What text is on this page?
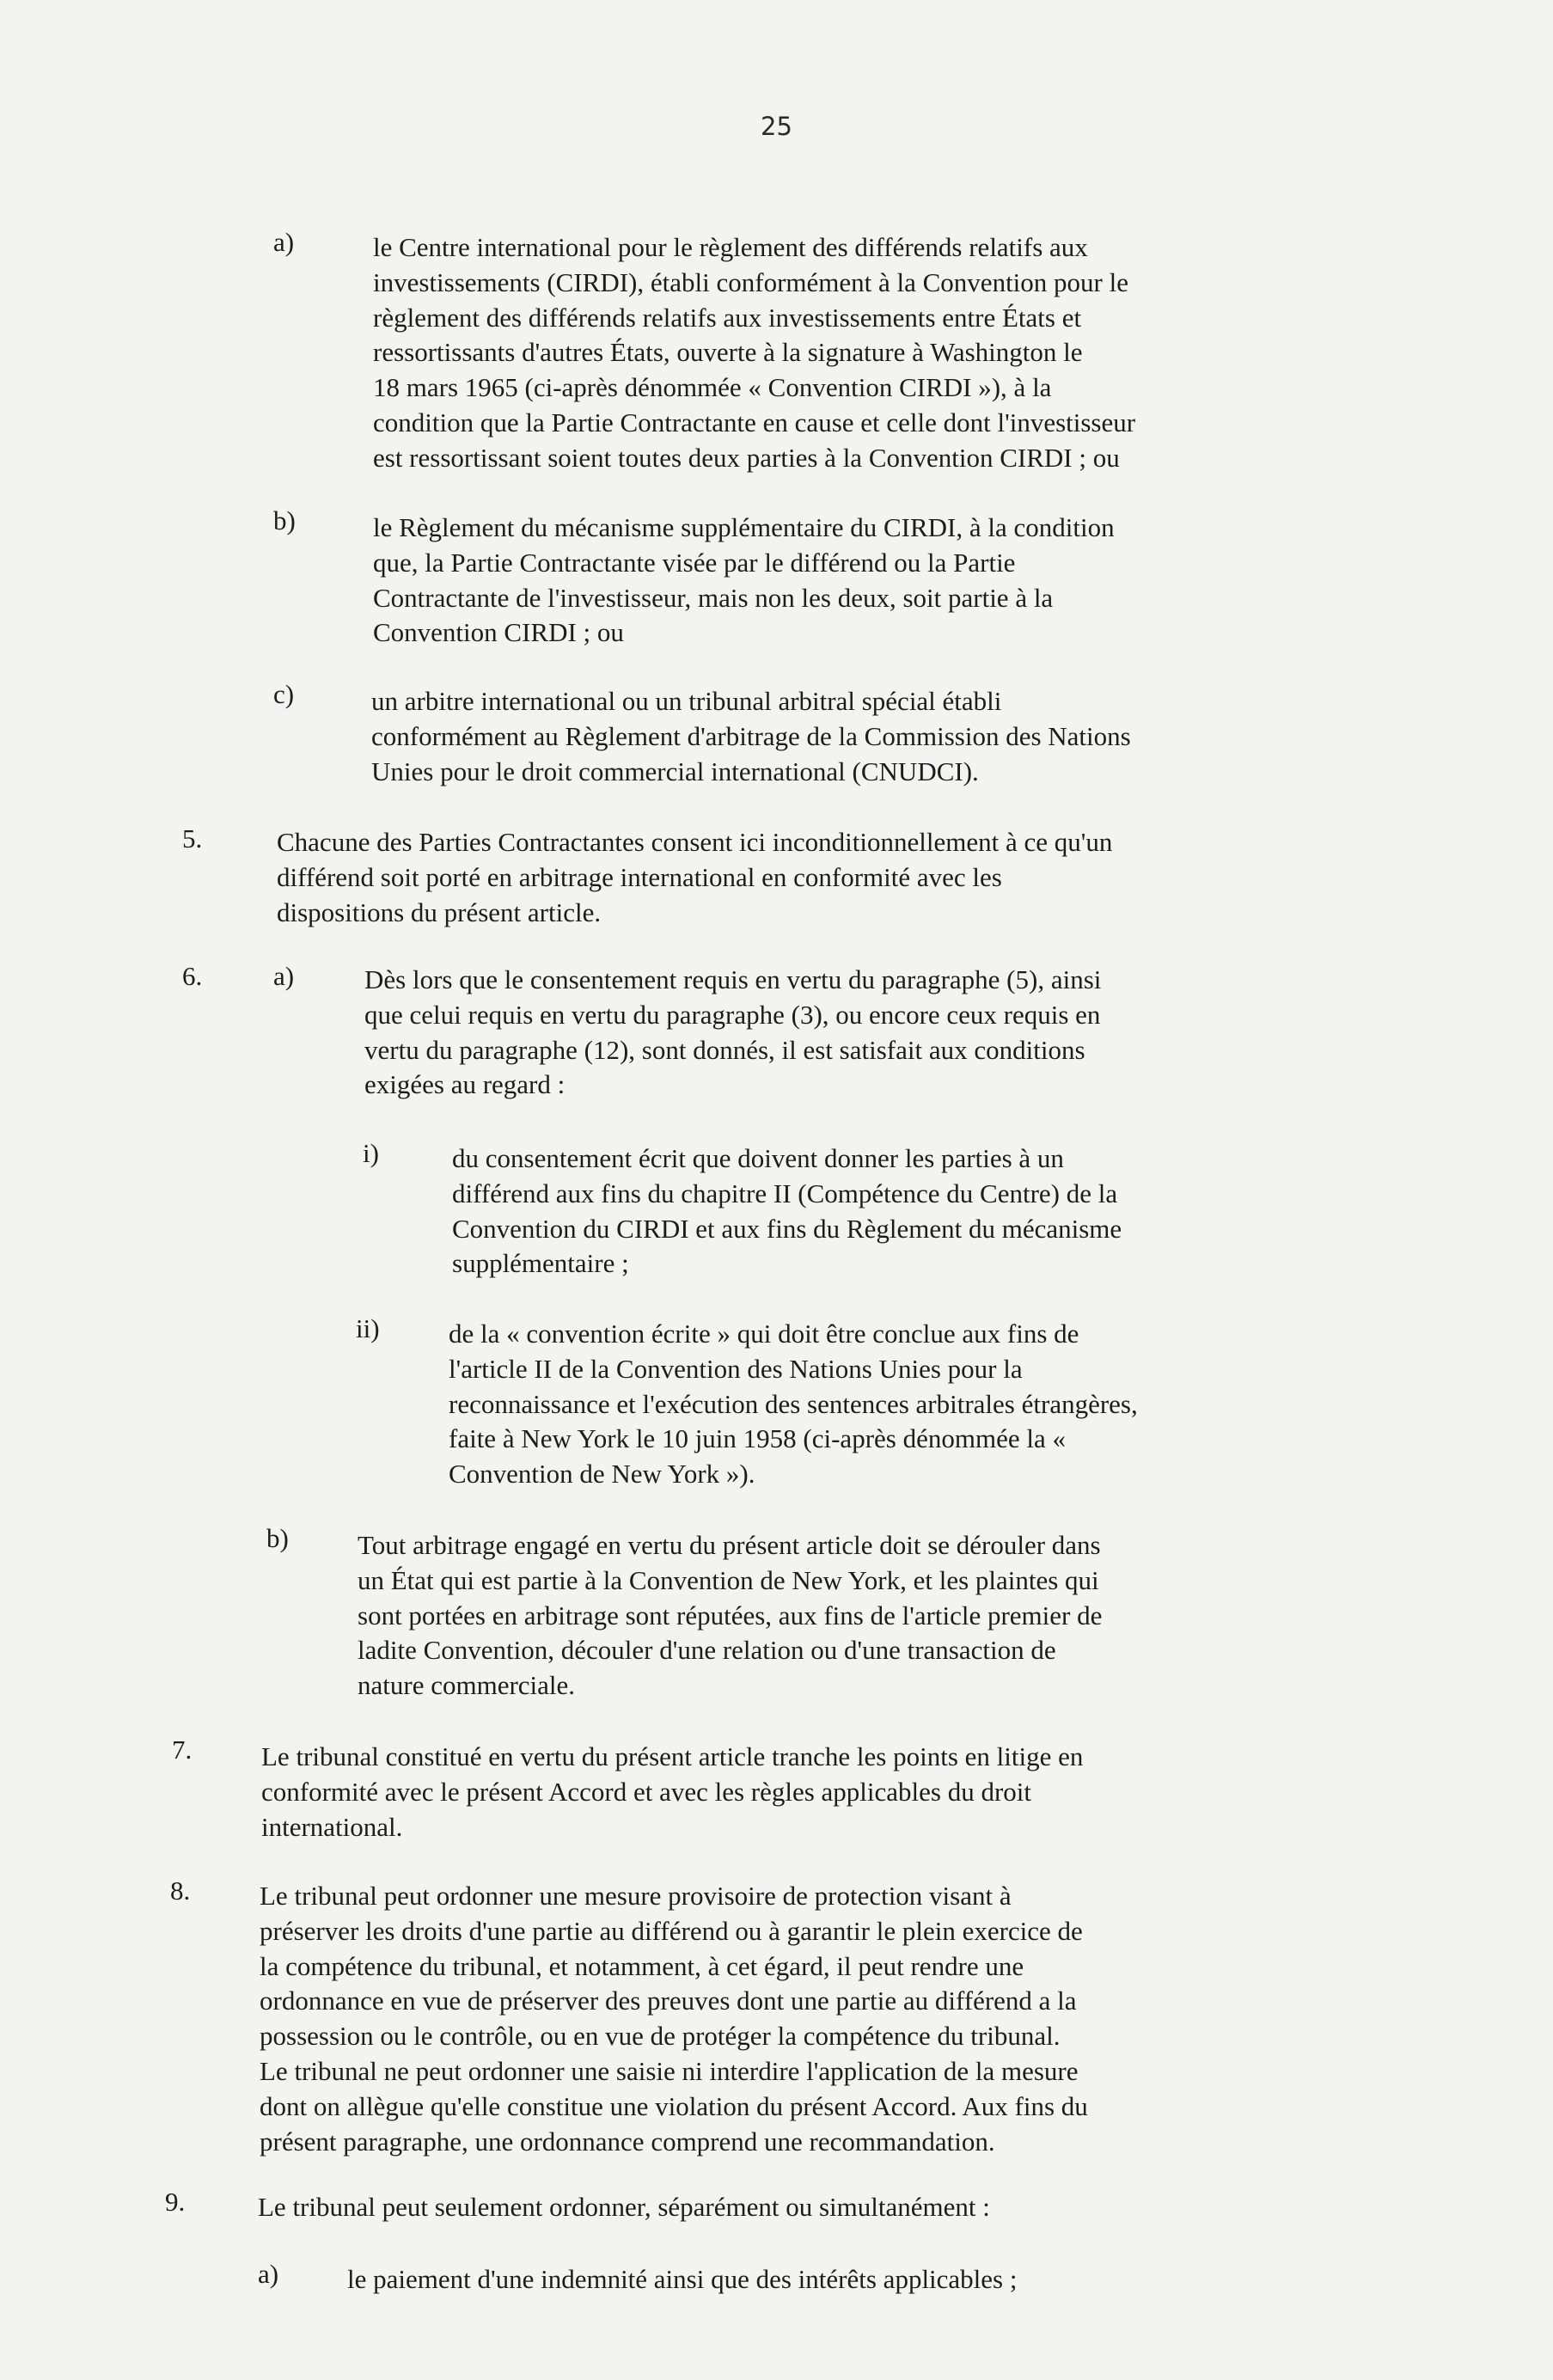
25
a)	le Centre international pour le règlement des différends relatifs aux
investissements (CIRDI), établi conformément à la Convention pour le
règlement des différends relatifs aux investissements entre États et
ressortissants d'autres États, ouverte à la signature à Washington le
18 mars 1965 (ci-après dénommée « Convention CIRDI »), à la
condition que la Partie Contractante en cause et celle dont l'investisseur
est ressortissant soient toutes deux parties à la Convention CIRDI ; ou
b)	le Règlement du mécanisme supplémentaire du CIRDI, à la condition
que, la Partie Contractante visée par le différend ou la Partie
Contractante de l'investisseur, mais non les deux, soit partie à la
Convention CIRDI ; ou
c)	un arbitre international ou un tribunal arbitral spécial établi
conformément au Règlement d'arbitrage de la Commission des Nations
Unies pour le droit commercial international (CNUDCI).
5.	Chacune des Parties Contractantes consent ici inconditionnellement à ce qu'un
différend soit porté en arbitrage international en conformité avec les
dispositions du présent article.
6.	a)	Dès lors que le consentement requis en vertu du paragraphe (5), ainsi
que celui requis en vertu du paragraphe (3), ou encore ceux requis en
vertu du paragraphe (12), sont donnés, il est satisfait aux conditions
exigées au regard :
i)	du consentement écrit que doivent donner les parties à un
différend aux fins du chapitre II (Compétence du Centre) de la
Convention du CIRDI et aux fins du Règlement du mécanisme
supplémentaire ;
ii)	de la « convention écrite » qui doit être conclue aux fins de
l'article II de la Convention des Nations Unies pour la
reconnaissance et l'exécution des sentences arbitrales étrangères,
faite à New York le 10 juin 1958 (ci-après dénommée la «
Convention de New York »).
b)	Tout arbitrage engagé en vertu du présent article doit se dérouler dans
un État qui est partie à la Convention de New York, et les plaintes qui
sont portées en arbitrage sont réputées, aux fins de l'article premier de
ladite Convention, découler d'une relation ou d'une transaction de
nature commerciale.
7.	Le tribunal constitué en vertu du présent article tranche les points en litige en
conformité avec le présent Accord et avec les règles applicables du droit
international.
8.	Le tribunal peut ordonner une mesure provisoire de protection visant à
préserver les droits d'une partie au différend ou à garantir le plein exercice de
la compétence du tribunal, et notamment, à cet égard, il peut rendre une
ordonnance en vue de préserver des preuves dont une partie au différend a la
possession ou le contrôle, ou en vue de protéger la compétence du tribunal.
Le tribunal ne peut ordonner une saisie ni interdire l'application de la mesure
dont on allègue qu'elle constitue une violation du présent Accord. Aux fins du
présent paragraphe, une ordonnance comprend une recommandation.
9.	Le tribunal peut seulement ordonner, séparément ou simultanément :
a)	le paiement d'une indemnité ainsi que des intérêts applicables ;
